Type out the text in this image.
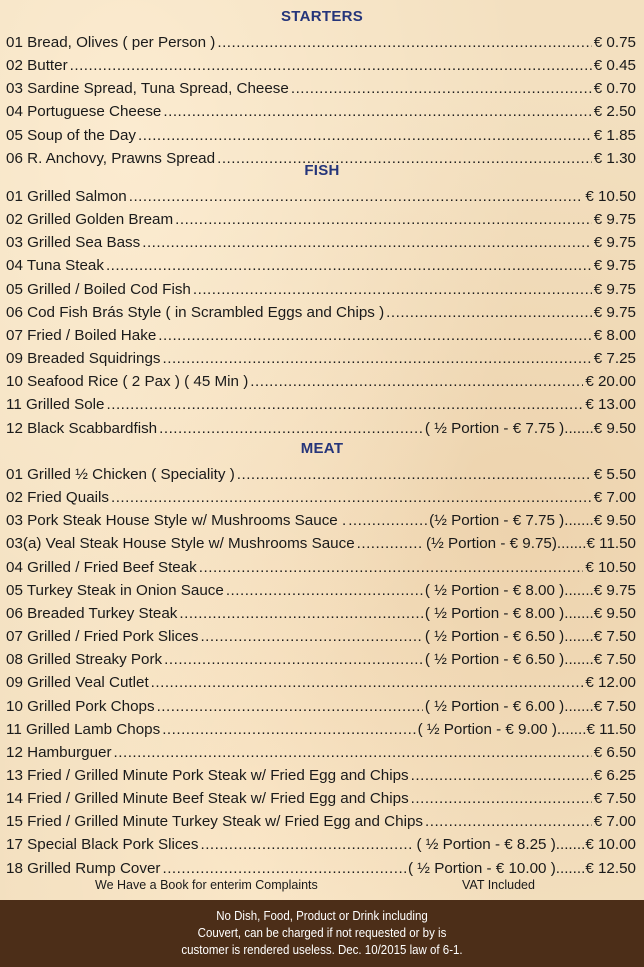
STARTERS
01 Bread, Olives ( per Person ) .....	€ 0.75
02 Butter .....	€ 0.45
03 Sardine Spread, Tuna Spread, Cheese .....	€ 0.70
04 Portuguese Cheese .....	€ 2.50
05 Soup of the Day .....	€ 1.85
06 R. Anchovy, Prawns Spread .....	€ 1.30
FISH
01 Grilled Salmon .....	€ 10.50
02 Grilled Golden Bream .....	€ 9.75
03 Grilled Sea Bass .....	€ 9.75
04 Tuna Steak .....	€ 9.75
05 Grilled / Boiled Cod Fish .....	€ 9.75
06 Cod Fish Brás Style ( in Scrambled Eggs and Chips ) .....	€ 9.75
07 Fried / Boiled Hake .....	€ 8.00
09 Breaded Squidrings .....	€ 7.25
10 Seafood Rice ( 2 Pax ) ( 45 Min ) .....	€ 20.00
11 Grilled Sole .....	€ 13.00
12 Black Scabbardfish .....	( ½ Portion - € 7.75 ) ....... € 9.50
MEAT
01 Grilled ½ Chicken ( Speciality ) .....	€ 5.50
02 Fried Quails .....	€ 7.00
03 Pork Steak House Style w/ Mushrooms Sauce . .....	(½ Portion - € 7.75 ) ....... € 9.50
03(a) Veal Steak House Style w/ Mushrooms Sauce .....	(½ Portion - € 9.75) ....... € 11.50
04 Grilled / Fried Beef Steak .....	€ 10.50
05 Turkey Steak in Onion Sauce .....	( ½ Portion - € 8.00 ) ....... € 9.75
06 Breaded Turkey Steak .....	( ½ Portion - € 8.00 ) ....... € 9.50
07 Grilled / Fried Pork Slices .....	( ½ Portion - € 6.50 ) ....... € 7.50
08 Grilled Streaky Pork .....	( ½ Portion - € 6.50 ) ....... € 7.50
09 Grilled Veal Cutlet .....	€ 12.00
10 Grilled Pork Chops .....	( ½ Portion - € 6.00 ) ....... € 7.50
11 Grilled Lamb Chops .....	( ½ Portion - € 9.00 ) ....... € 11.50
12 Hamburguer .....	€ 6.50
13 Fried / Grilled Minute Pork Steak w/ Fried Egg and Chips .....	€ 6.25
14 Fried / Grilled Minute Beef Steak w/ Fried Egg and Chips .....	€ 7.50
15 Fried / Grilled Minute Turkey Steak w/ Fried Egg and Chips .....	€ 7.00
17 Special Black Pork Slices .....	( ½ Portion - € 8.25 ) ....... € 10.00
18 Grilled Rump Cover .....	( ½ Portion - € 10.00 ) ....... € 12.50
We Have a Book for enterim Complaints	VAT Included
No Dish, Food, Product or Drink including
Couvert, can be charged if not requested or by is
customer is rendered useless. Dec. 10/2015 law of 6-1.
